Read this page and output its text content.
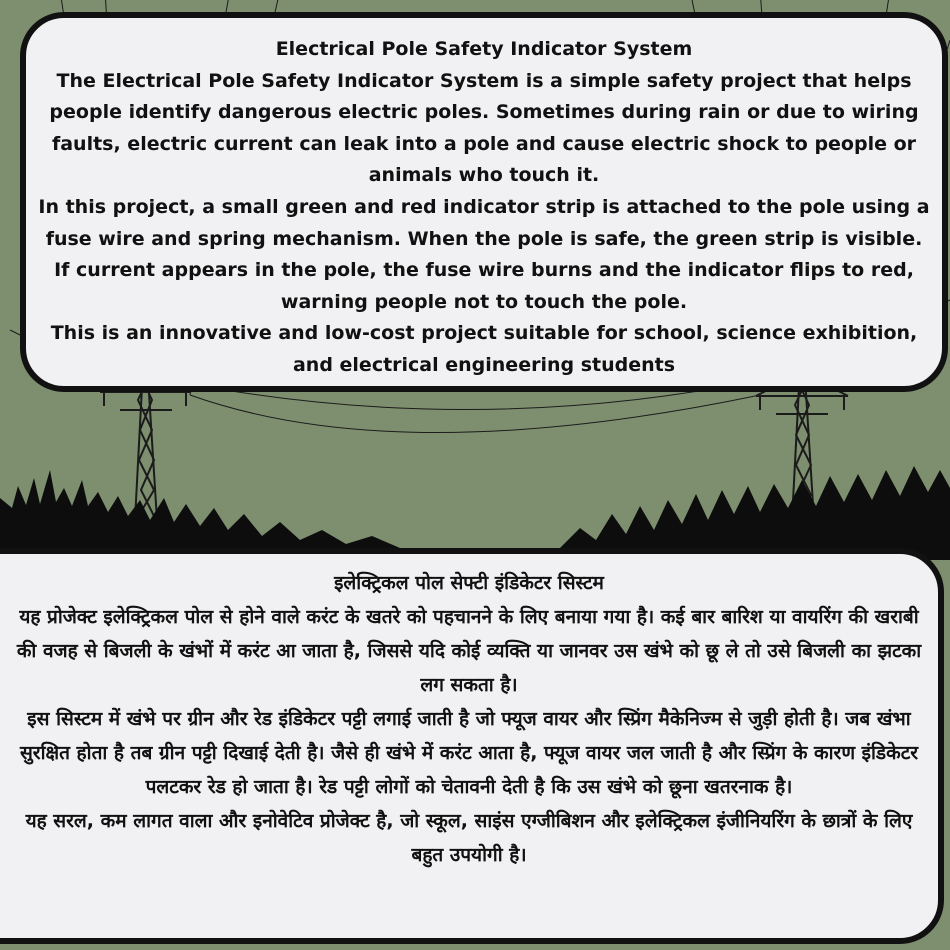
Electrical Pole Safety Indicator System

The Electrical Pole Safety Indicator System is a simple safety project that helps people identify dangerous electric poles. Sometimes during rain or due to wiring faults, electric current can leak into a pole and cause electric shock to people or animals who touch it.

In this project, a small green and red indicator strip is attached to the pole using a fuse wire and spring mechanism. When the pole is safe, the green strip is visible. If current appears in the pole, the fuse wire burns and the indicator flips to red, warning people not to touch the pole.

This is an innovative and low-cost project suitable for school, science exhibition, and electrical engineering students

इलेक्ट्रिकल पोल सेफ्टी इंडिकेटर सिस्टम

यह प्रोजेक्ट इलेक्ट्रिकल पोल से होने वाले करंट के खतरे को पहचानने के लिए बनाया गया है। कई बार बारिश या वायरिंग की खराबी की वजह से बिजली के खंभों में करंट आ जाता है, जिससे यदि कोई व्यक्ति या जानवर उस खंभे को छू ले तो उसे बिजली का झटका लग सकता है।

इस सिस्टम में खंभे पर ग्रीन और रेड इंडिकेटर पट्टी लगाई जाती है जो फ्यूज वायर और स्प्रिंग मैकेनिज्म से जुड़ी होती है। जब खंभा सुरक्षित होता है तब ग्रीन पट्टी दिखाई देती है। जैसे ही खंभे में करंट आता है, फ्यूज वायर जल जाती है और स्प्रिंग के कारण इंडिकेटर पलटकर रेड हो जाता है। रेड पट्टी लोगों को चेतावनी देती है कि उस खंभे को छूना खतरनाक है।

यह सरल, कम लागत वाला और इनोवेटिव प्रोजेक्ट है, जो स्कूल, साइंस एग्जीबिशन और इलेक्ट्रिकल इंजीनियरिंग के छात्रों के लिए बहुत उपयोगी है।
